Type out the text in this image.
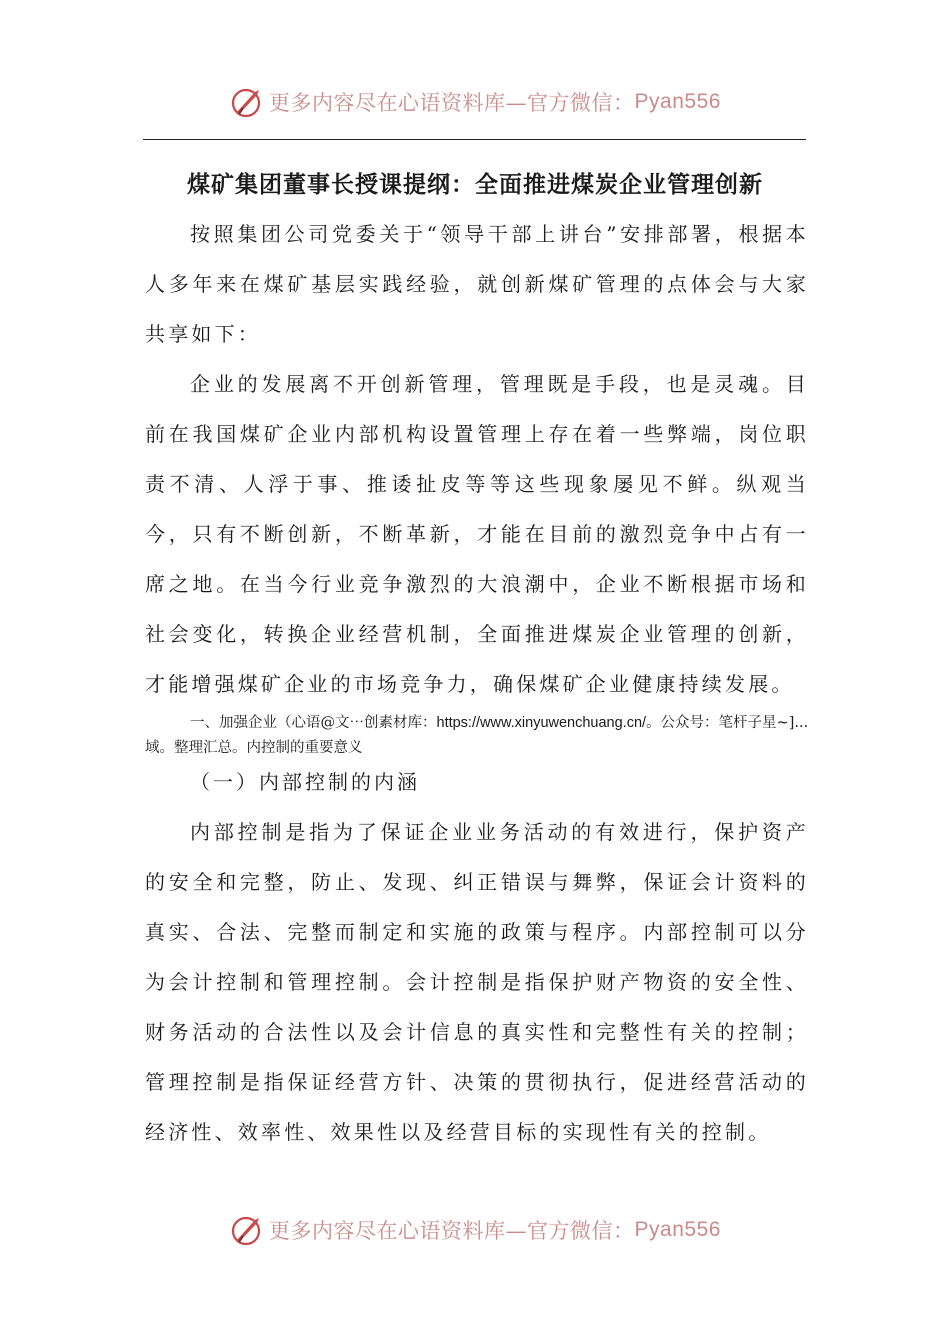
更多内容尽在心语资料库—官方微信： Pyan556
煤矿集团董事长授课提纲：全面推进煤炭企业管理创新

按照集团公司党委关于“领导干部上讲台”安排部署，根据本人多年来在煤矿基层实践经验，就创新煤矿管理的点体会与大家共享如下：

企业的发展离不开创新管理，管理既是手段，也是灵魂。目前在我国煤矿企业内部机构设置管理上存在着一些弊端，岗位职责不清、人浮于事、推诿扯皮等等这些现象屡见不鲜。纵观当今，只有不断创新，不断革新，才能在目前的激烈竞争中占有一席之地。在当今行业竞争激烈的大浪潮中，企业不断根据市场和社会变化，转换企业经营机制，全面推进煤炭企业管理的创新，才能增强煤矿企业的市场竞争力，确保煤矿企业健康持续发展。

一、加强企业（心语@文⋯创素材库：https://www.xinyuwenchuang.cn/。公众号：笔杆子星~]...域。整理汇总。内控制的重要意义

（一）内部控制的内涵

内部控制是指为了保证企业业务活动的有效进行，保护资产的安全和完整，防止、发现、纠正错误与舞弊，保证会计资料的真实、合法、完整而制定和实施的政策与程序。内部控制可以分为会计控制和管理控制。会计控制是指保护财产物资的安全性、财务活动的合法性以及会计信息的真实性和完整性有关的控制；管理控制是指保证经营方针、决策的贯彻执行，促进经营活动的经济性、效率性、效果性以及经营目标的实现性有关的控制。

更多内容尽在心语资料库—官方微信： Pyan556
